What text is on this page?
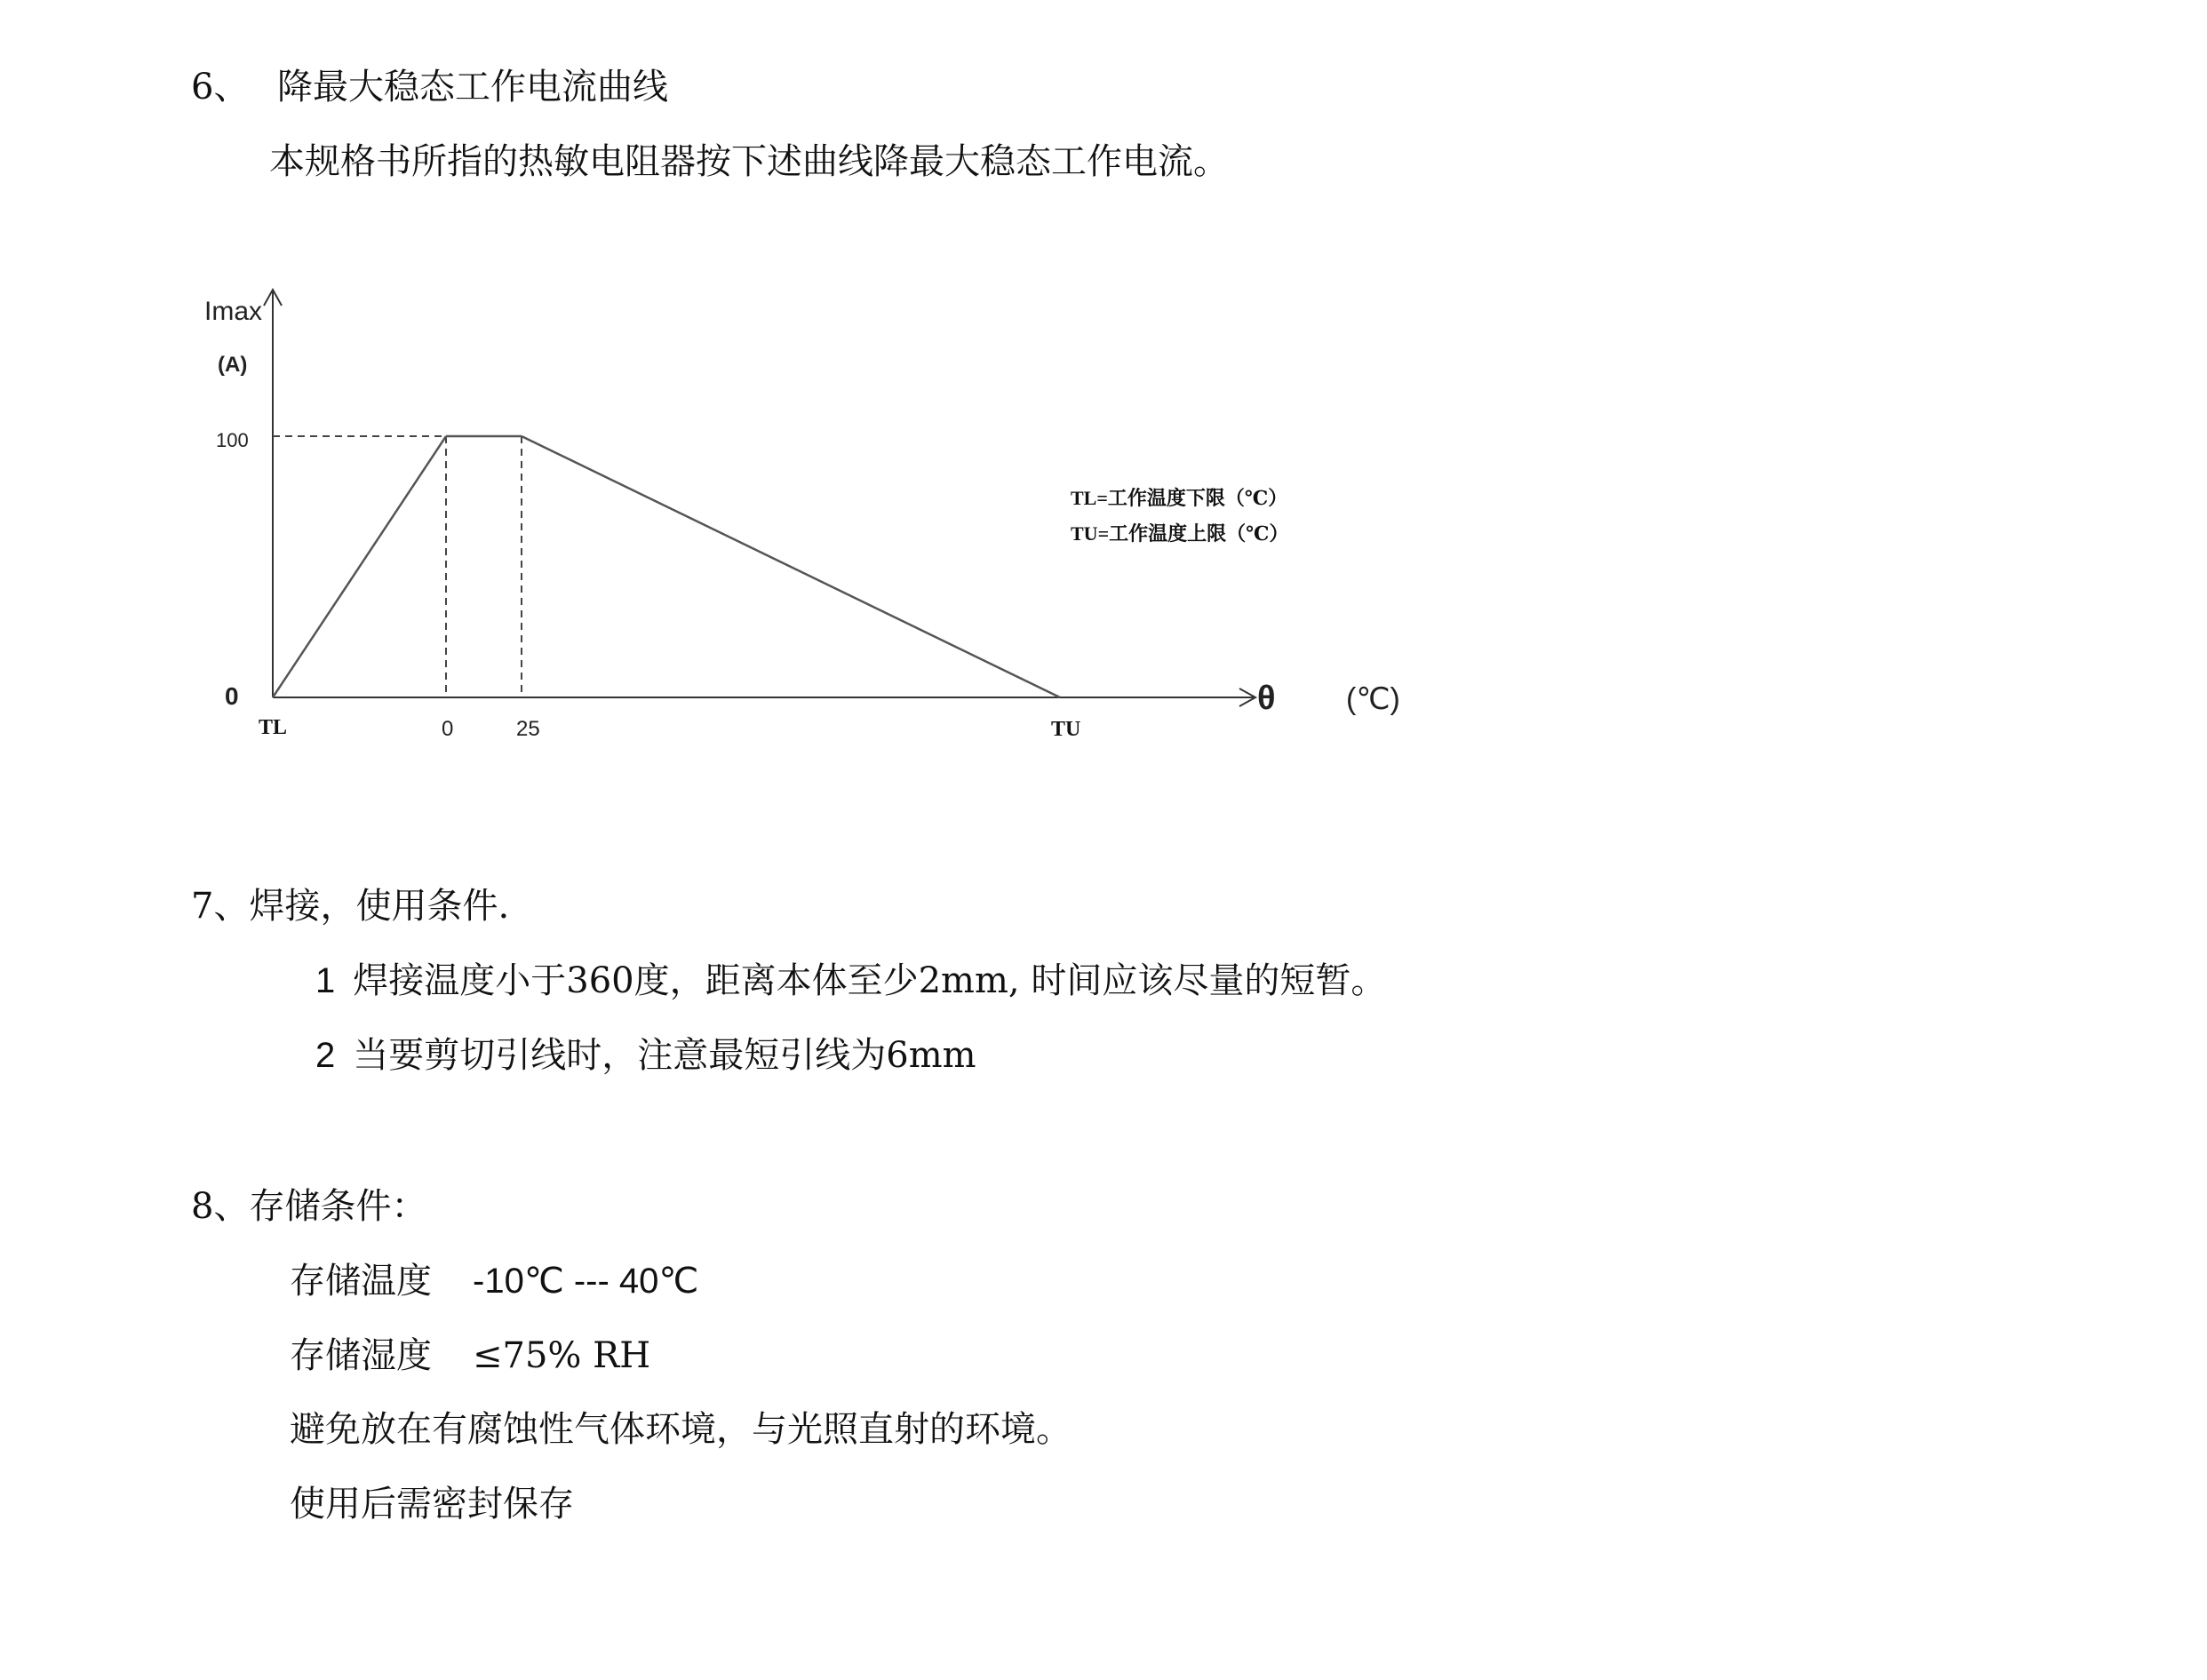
6、 降最大稳态工作电流曲线
本规格书所指的热敏电阻器按下述曲线降最大稳态工作电流。
Imax
(A)
100
0	θ (℃)
TL	0	25	TU
TL=工作温度下限（℃）
TU=工作温度上限（℃）
7、焊接，使用条件.
1 焊接温度小于360度，距离本体至少2mm, 时间应该尽量的短暂。
2 当要剪切引线时，注意最短引线为6mm
8、存储条件：
存储温度 -10℃ --- 40℃
存储湿度 ≤75% RH
避免放在有腐蚀性气体环境，与光照直射的环境。
使用后需密封保存
